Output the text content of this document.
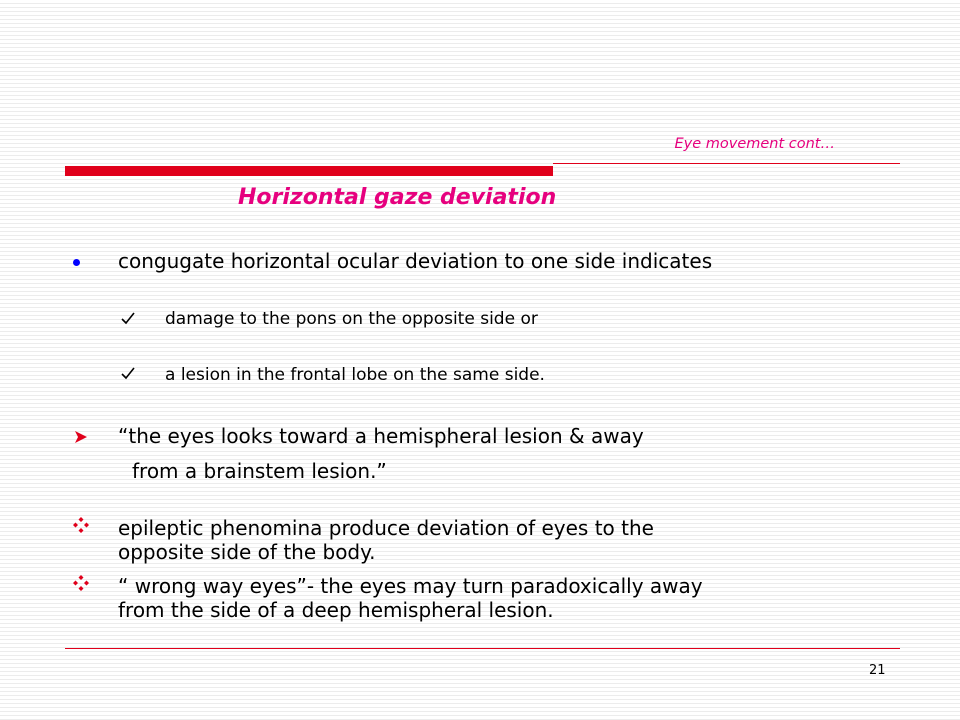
Eye movement cont…
Horizontal gaze deviation
congugate horizontal ocular deviation to one side indicates
damage to the pons on the opposite side or
a lesion in the frontal lobe on the same side.
“the eyes looks toward a hemispheral lesion & away
from a brainstem lesion.”
epileptic phenomina produce deviation of eyes to the
opposite side of the body.
“ wrong way eyes”- the eyes may turn paradoxically away
from the side of a deep hemispheral lesion.
21
